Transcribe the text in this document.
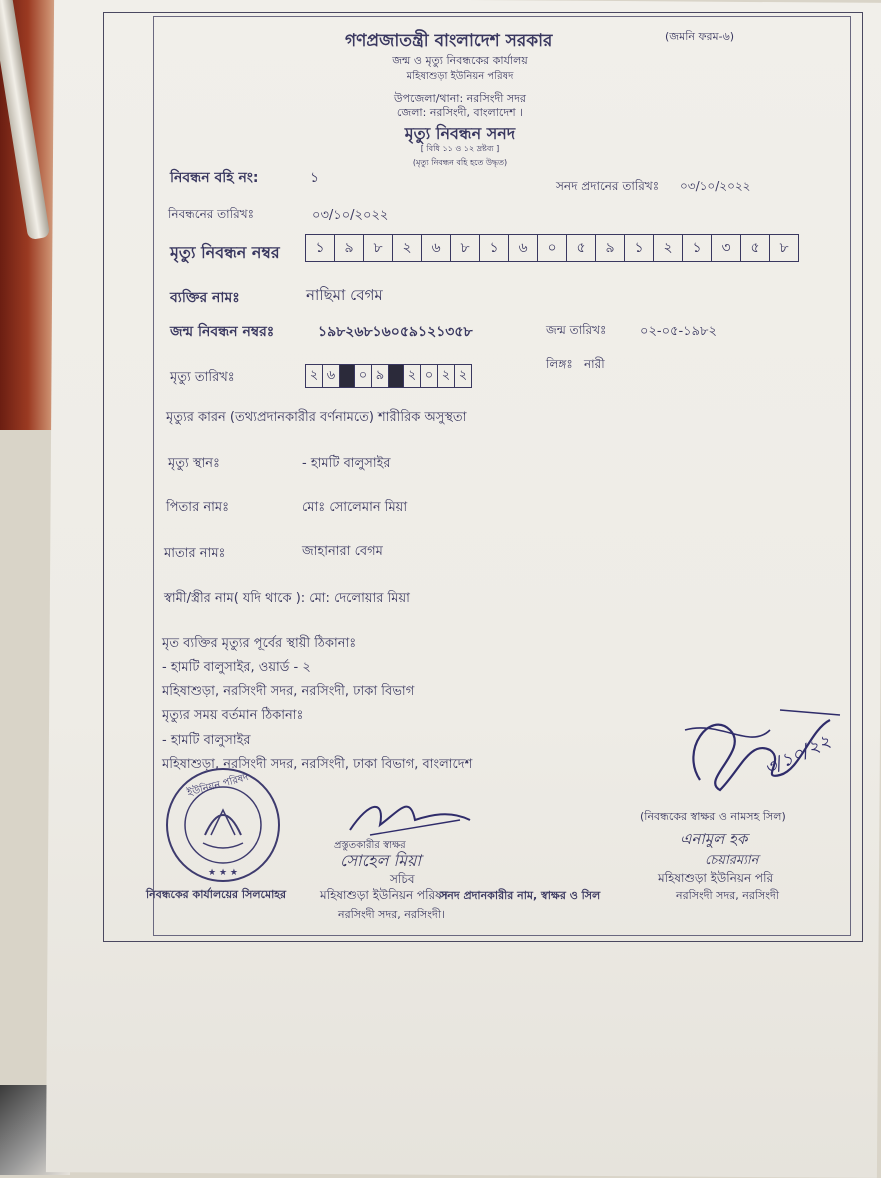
গণপ্রজাতন্ত্রী বাংলাদেশ সরকার	(জমনি ফরম-৬)
জন্ম ও মৃত্যু নিবন্ধকের কার্যালয়
মহিষাশুড়া ইউনিয়ন পরিষদ
উপজেলা/থানা: নরসিংদী সদর
জেলা: নরসিংদী, বাংলাদেশ ।
মৃত্যু নিবন্ধন সনদ
[ বিধি ১১ ও ১২ দ্রষ্টব্য ]
(মৃত্যু নিবন্ধন বহি হতে উদ্ধৃত)
নিবন্ধন বহি নং:	১	সনদ প্রদানের তারিখঃ ০৩/১০/২০২২
নিবন্ধনের তারিখঃ	০৩/১০/২০২২
মৃত্যু নিবন্ধন নম্বর	১	৯	৮	২	৬	৮	১	৬	০	৫	৯	১	২	১	৩	৫	৮
ব্যক্তির নামঃ	নাছিমা বেগম
জন্ম নিবন্ধন নম্বরঃ	১৯৮২৬৮১৬০৫৯১২১৩৫৮	জন্ম তারিখঃ	০২-০৫-১৯৮২
লিঙ্গঃ নারী
মৃত্যু তারিখঃ	২ ৬	০ ৯	২ ০ ২ ২
মৃত্যুর কারন (তথ্যপ্রদানকারীর বর্ণনামতে) শারীরিক অসুস্থতা
মৃত্যু স্থানঃ	- হামটি বালুসাইর
পিতার নামঃ	মোঃ সোলেমান মিয়া
মাতার নামঃ	জাহানারা বেগম
স্বামী/স্ত্রীর নাম( যদি থাকে ): মো: দেলোয়ার মিয়া
মৃত ব্যক্তির মৃত্যুর পূর্বের স্থায়ী ঠিকানাঃ
- হামটি বালুসাইর, ওয়ার্ড - ২
মহিষাশুড়া, নরসিংদী সদর, নরসিংদী, ঢাকা বিভাগ
মৃত্যুর সময় বর্তমান ঠিকানাঃ
- হামটি বালুসাইর
মহিষাশুড়া, নরসিংদী সদর, নরসিংদী, ঢাকা বিভাগ, বাংলাদেশ	৩/১০/২২
ইউনিয়ন পরিষদ
★ ★ ★
প্রস্তুতকারীর স্বাক্ষর
সোহেল মিয়া
সচিব
মহিষাশুড়া ইউনিয়ন পরিষদ
নরসিংদী সদর, নরসিংদী।
(নিবন্ধকের স্বাক্ষর ও নামসহ সিল)
এনামুল হক
চেয়ারম্যান
মহিষাশুড়া ইউনিয়ন পরি
নরসিংদী সদর, নরসিংদী
নিবন্ধকের কার্যালয়ের সিলমোহর	সনদ প্রদানকারীর নাম, স্বাক্ষর ও সিল
